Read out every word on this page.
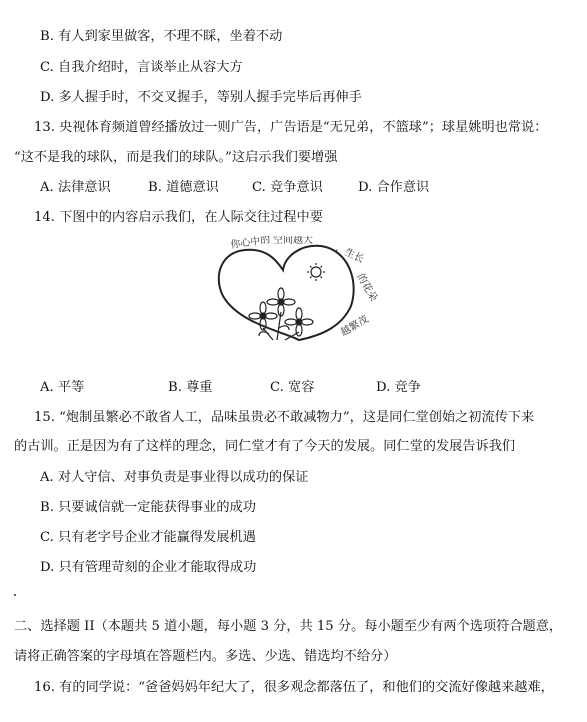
B. 有人到家里做客，不理不睬，坐着不动
C. 自我介绍时，言谈举止从容大方
D. 多人握手时，不交叉握手，等别人握手完毕后再伸手
13. 央视体育频道曾经播放过一则广告，广告语是“无兄弟，不篮球”；球星姚明也常说：
“这不是我的球队，而是我们的球队。”这启示我们要增强
A. 法律意识	B. 道德意识	C. 竞争意识	D. 合作意识
14. 下图中的内容启示我们，在人际交往过程中要
你心中的 空间越大
，生长
的花朵
越繁茂
A. 平等	B. 尊重	C. 宽容	D. 竞争
15. “炮制虽繁必不敢省人工，品味虽贵必不敢减物力”，这是同仁堂创始之初流传下来
的古训。正是因为有了这样的理念，同仁堂才有了今天的发展。同仁堂的发展告诉我们
A. 对人守信、对事负责是事业得以成功的保证
B. 只要诚信就一定能获得事业的成功
C. 只有老字号企业才能赢得发展机遇
D. 只有管理苛刻的企业才能取得成功
二、选择题 II（本题共 5 道小题，每小题 3 分，共 15 分。每小题至少有两个选项符合题意，
请将正确答案的字母填在答题栏内。多选、少选、错选均不给分）
16. 有的同学说：“爸爸妈妈年纪大了，很多观念都落伍了，和他们的交流好像越来越难，
